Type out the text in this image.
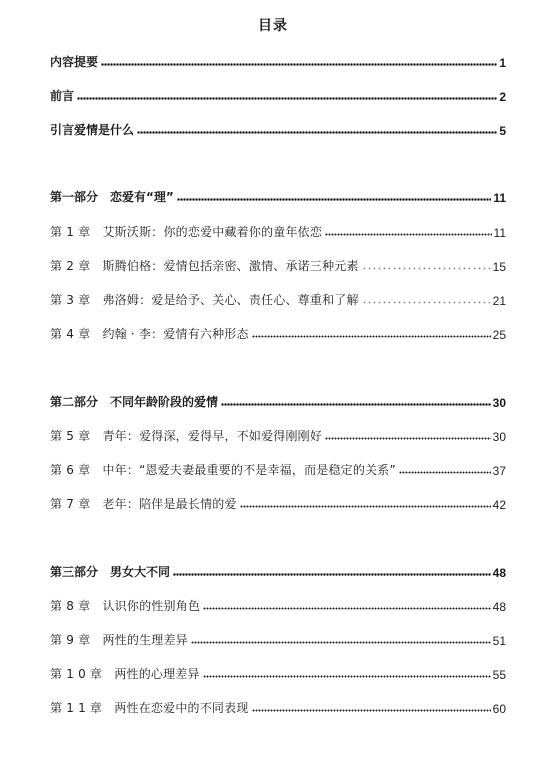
目录
内容提要	1
前言	2
引言爱情是什么	5
第一部分　恋爱有“理”	11
第 1 章　艾斯沃斯：你的恋爱中藏着你的童年依恋	11
第 2 章　斯腾伯格：爱情包括亲密、激情、承诺三种元素	15
第 3 章　弗洛姆：爱是给予、关心、责任心、尊重和了解	21
第 4 章　约翰 · 李：爱情有六种形态	25
第二部分　不同年龄阶段的爱情	30
第 5 章　青年：爱得深，爱得早，不如爱得刚刚好	30
第 6 章　中年：“恩爱夫妻最重要的不是幸福，而是稳定的关系”	37
第 7 章　老年：陪伴是最长情的爱	42
第三部分　男女大不同	48
第 8 章　认识你的性别角色	48
第 9 章　两性的生理差异	51
第 1 0 章　两性的心理差异	55
第 1 1 章　两性在恋爱中的不同表现	60
